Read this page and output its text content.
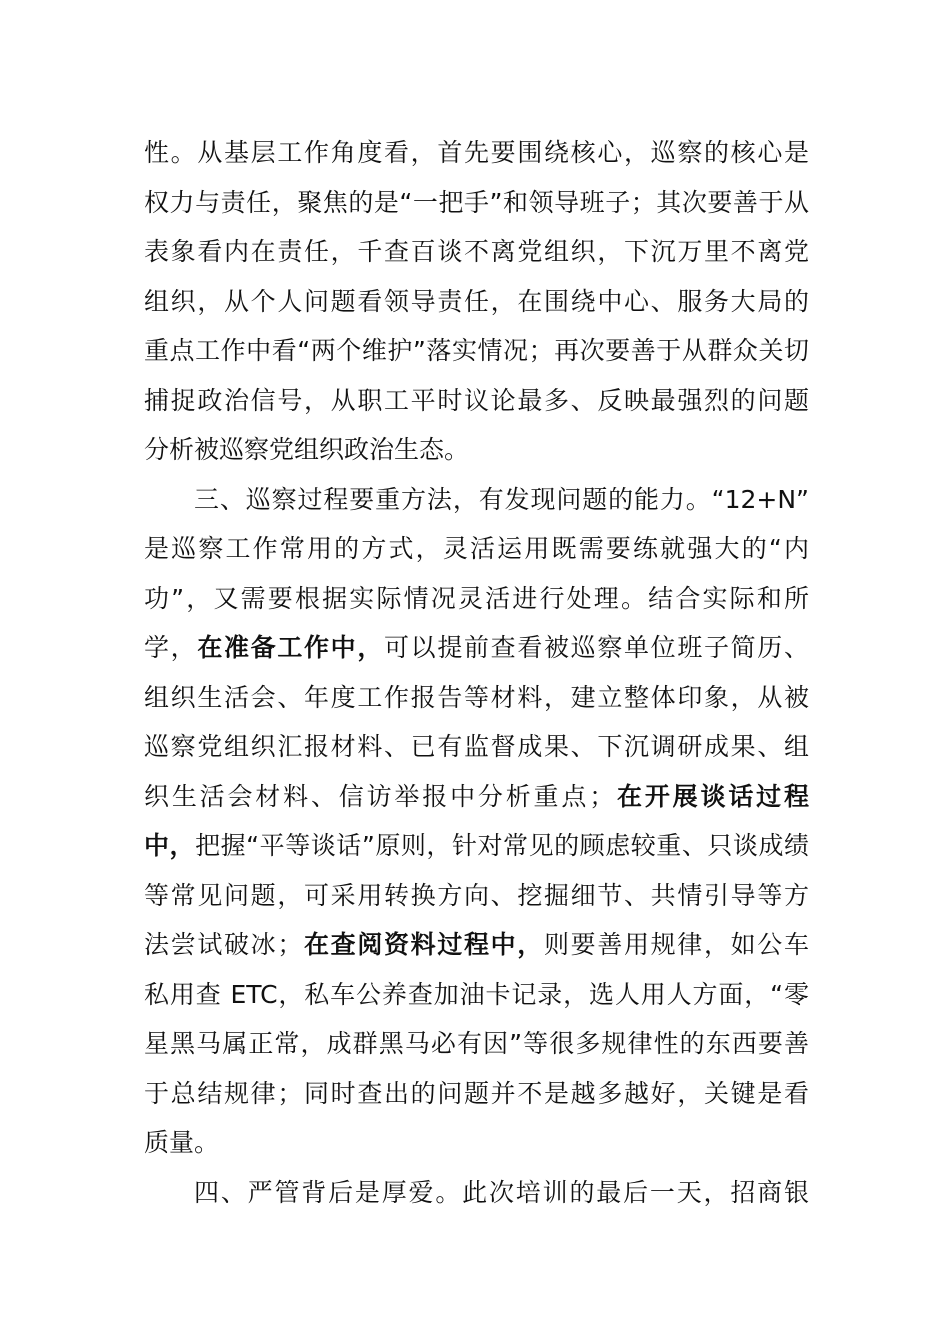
性。从基层工作角度看，首先要围绕核心，巡察的核心是
权力与责任，聚焦的是“一把手”和领导班子；其次要善于从
表象看内在责任，千查百谈不离党组织，下沉万里不离党
组织，从个人问题看领导责任，在围绕中心、服务大局的
重点工作中看“两个维护”落实情况；再次要善于从群众关切
捕捉政治信号，从职工平时议论最多、反映最强烈的问题
分析被巡察党组织政治生态。
三、巡察过程要重方法，有发现问题的能力。“12+N”
是巡察工作常用的方式，灵活运用既需要练就强大的“内
功”，又需要根据实际情况灵活进行处理。结合实际和所
学，在准备工作中，可以提前查看被巡察单位班子简历、
组织生活会、年度工作报告等材料，建立整体印象，从被
巡察党组织汇报材料、已有监督成果、下沉调研成果、组
织生活会材料、信访举报中分析重点；在开展谈话过程
中，把握“平等谈话”原则，针对常见的顾虑较重、只谈成绩
等常见问题，可采用转换方向、挖掘细节、共情引导等方
法尝试破冰；在查阅资料过程中，则要善用规律，如公车
私用查 ETC，私车公养查加油卡记录，选人用人方面，“零
星黑马属正常，成群黑马必有因”等很多规律性的东西要善
于总结规律；同时查出的问题并不是越多越好，关键是看
质量。
四、严管背后是厚爱。此次培训的最后一天，招商银
